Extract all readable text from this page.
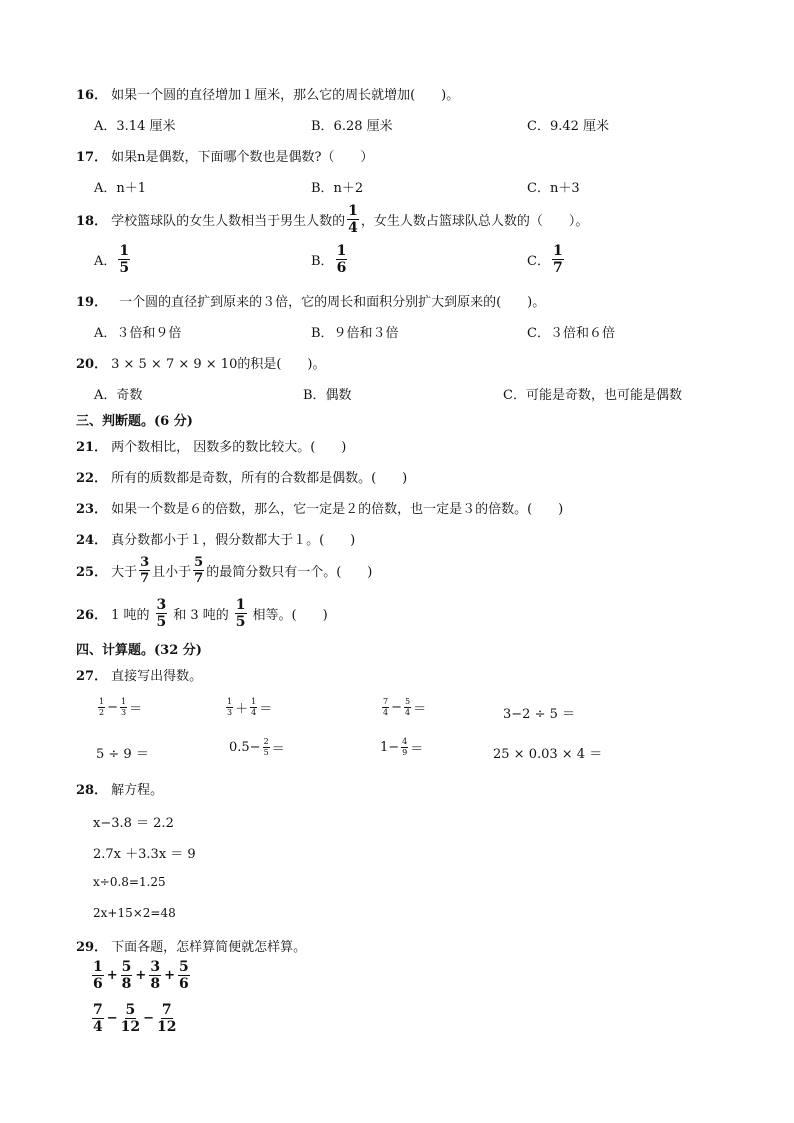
16． 如果一个圆的直径增加１厘米，那么它的周长就增加(　　)。
A．3.14 厘米	B．6.28 厘米	C．9.42 厘米
17． 如果n是偶数，下面哪个数也是偶数?（　　）
A．n＋1	B．n＋2	C．n＋3
18． 学校篮球队的女生人数相当于男生人数的 $\frac{1}{4}$ ，女生人数占篮球队总人数的（　　）。
A． $\frac{1}{5}$	B． $\frac{1}{6}$	C． $\frac{1}{7}$
19． 一个圆的直径扩到原来的３倍，它的周长和面积分别扩大到原来的(　　)。
A．３倍和９倍	B．９倍和３倍	C．３倍和６倍
20． 3 × 5 × 7 × 9 × 10的积是(　　)。
A．奇数	B．偶数	C．可能是奇数，也可能是偶数
三、判断题。(6 分)
21． 两个数相比， 因数多的数比较大。(　　)
22． 所有的质数都是奇数，所有的合数都是偶数。(　　)
23． 如果一个数是６的倍数，那么，它一定是２的倍数，也一定是３的倍数。(　　)
24． 真分数都小于１，假分数都大于１。(　　)
25． 大于 $\frac{3}{7}$ 且小于 $\frac{5}{7}$ 的最简分数只有一个。(　　)
26． 1 吨的 $\frac{3}{5}$ 和 3 吨的 $\frac{1}{5}$ 相等。(　　)
四、计算题。(32 分)
27． 直接写出得数。
$\frac{1}{2} - \frac{1}{3}$ ＝	$\frac{1}{3} + \frac{1}{4}$ ＝	$\frac{7}{4} - \frac{5}{4}$ ＝	3−2 ÷ 5 ＝
5 ÷ 9 ＝	$0.5- \frac{2}{5}$ ＝	$1- \frac{4}{9}$ ＝	25 × 0.03 × 4 ＝
28． 解方程。
x−3.8 ＝ 2.2
2.7x ＋3.3x ＝ 9
x÷0.8=1.25
2x+15×2=48
29． 下面各题，怎样算简便就怎样算。
$\frac{1}{6} + \frac{5}{8} + \frac{3}{8} + \frac{5}{6}$
$\frac{7}{4} - \frac{5}{12} - \frac{7}{12}$
